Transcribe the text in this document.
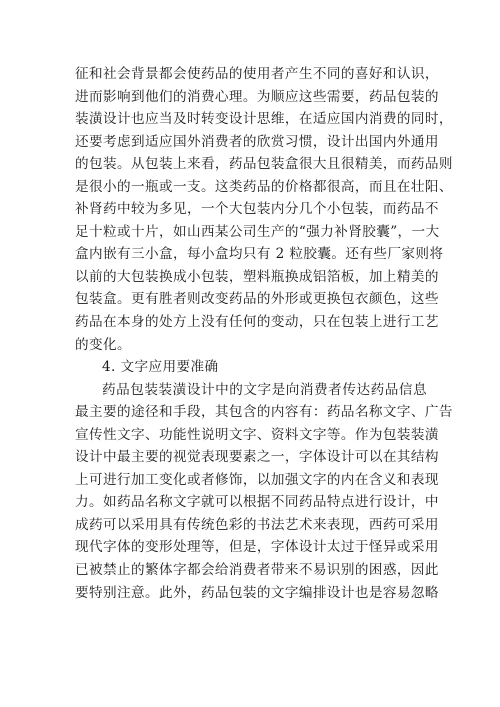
征和社会背景都会使药品的使用者产生不同的喜好和认识，
进而影响到他们的消费心理。为顺应这些需要，药品包装的
装潢设计也应当及时转变设计思维，在适应国内消费的同时，
还要考虑到适应国外消费者的欣赏习惯，设计出国内外通用
的包装。从包装上来看，药品包装盒很大且很精美，而药品则
是很小的一瓶或一支。这类药品的价格都很高，而且在壮阳、
补肾药中较为多见，一个大包装内分几个小包装，而药品不
足十粒或十片，如山西某公司生产的“强力补肾胶囊”，一大
盒内嵌有三小盒，每小盒均只有 2 粒胶囊。还有些厂家则将
以前的大包装换成小包装，塑料瓶换成铝箔板，加上精美的
包装盒。更有胜者则改变药品的外形或更换包衣颜色，这些
药品在本身的处方上没有任何的变动，只在包装上进行工艺
的变化。
4. 文字应用要准确
药品包装装潢设计中的文字是向消费者传达药品信息
最主要的途径和手段，其包含的内容有：药品名称文字、广告
宣传性文字、功能性说明文字、资料文字等。作为包装装潢
设计中最主要的视觉表现要素之一，字体设计可以在其结构
上可进行加工变化或者修饰，以加强文字的内在含义和表现
力。如药品名称文字就可以根据不同药品特点进行设计，中
成药可以采用具有传统色彩的书法艺术来表现，西药可采用
现代字体的变形处理等，但是，字体设计太过于怪异或采用
已被禁止的繁体字都会给消费者带来不易识别的困惑，因此
要特别注意。此外，药品包装的文字编排设计也是容易忽略
